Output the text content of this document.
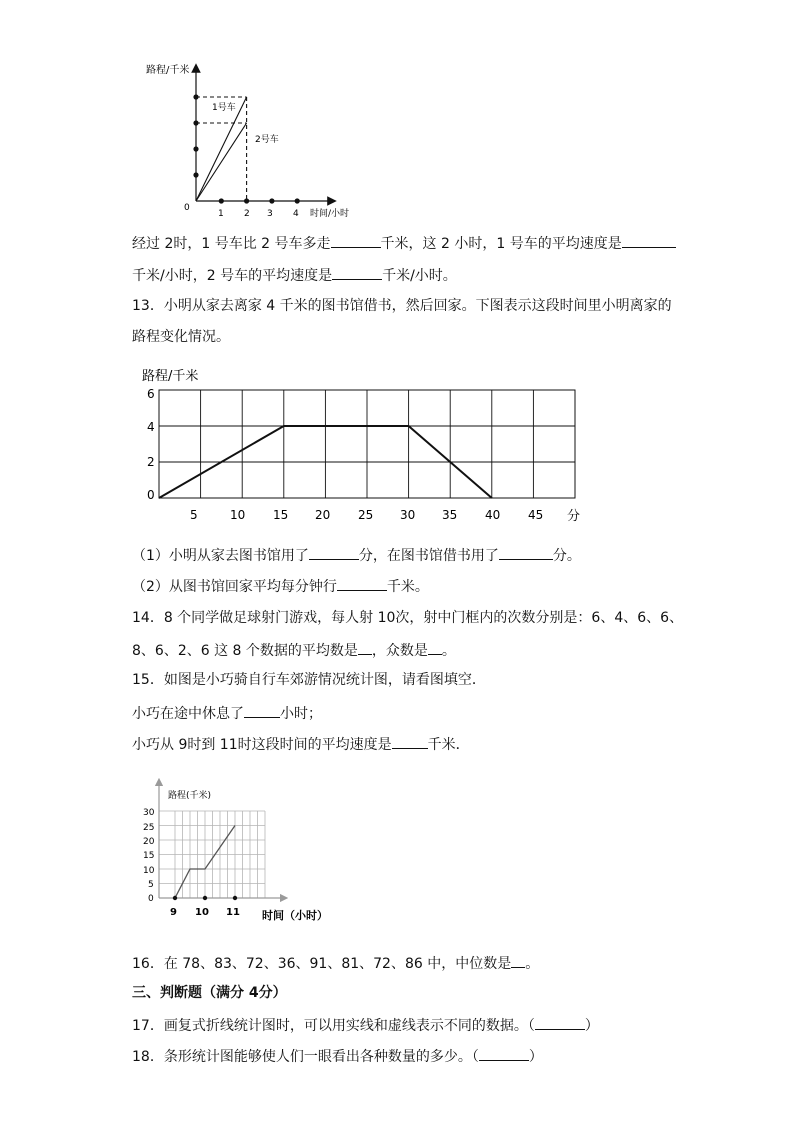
路程/千米
0
1 2 3 4 时间/小时
1号车
2号车
经过 2时，1 号车比 2 号车多走	千米，这 2 小时，1 号车的平均速度是
千米/小时，2 号车的平均速度是	千米/小时。
13．小明从家去离家 4 千米的图书馆借书，然后回家。下图表示这段时间里小明离家的
路程变化情况。
路程/千米
6
4
2
0
5	10 15 20 25 30 35 40 45 分
（1）小明从家去图书馆用了	分，在图书馆借书用了	分。
（2）从图书馆回家平均每分钟行	千米。
14．8 个同学做足球射门游戏，每人射 10次，射中门框内的次数分别是：6、4、6、6、
8、6、2、6 这 8 个数据的平均数是 ，众数是 。
15．如图是小巧骑自行车郊游情况统计图，请看图填空．
小巧在途中休息了	小时；
小巧从 9时到 11时这段时间的平均速度是	千米．
路程(千米)
30
25
20
15
10
5
0
9 10 11 时间（小时）
16．在 78、83、72、36、91、81、72、86 中，中位数是 。
三、判断题（满分 4分）
17．画复式折线统计图时，可以用实线和虚线表示不同的数据。（	）
18．条形统计图能够使人们一眼看出各种数量的多少。（	）
